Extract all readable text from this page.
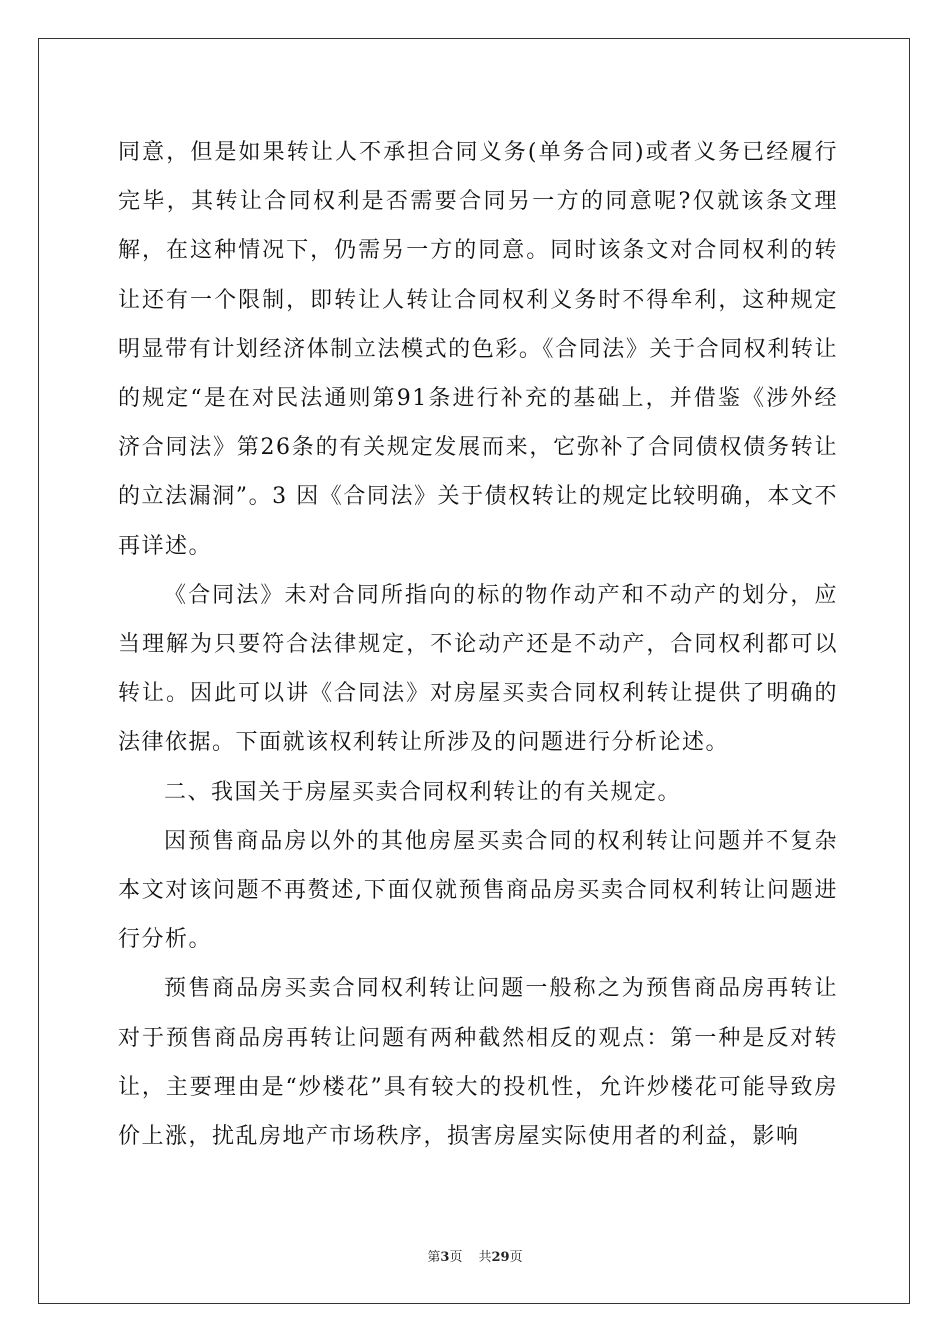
同意，但是如果转让人不承担合同义务(单务合同)或者义务已经履行完毕，其转让合同权利是否需要合同另一方的同意呢?仅就该条文理解，在这种情况下，仍需另一方的同意。同时该条文对合同权利的转让还有一个限制，即转让人转让合同权利义务时不得牟利，这种规定明显带有计划经济体制立法模式的色彩。《合同法》关于合同权利转让的规定“是在对民法通则第91条进行补充的基础上，并借鉴《涉外经济合同法》第26条的有关规定发展而来，它弥补了合同债权债务转让的立法漏洞”。3 因《合同法》关于债权转让的规定比较明确，本文不再详述。

《合同法》未对合同所指向的标的物作动产和不动产的划分，应当理解为只要符合法律规定，不论动产还是不动产，合同权利都可以转让。因此可以讲《合同法》对房屋买卖合同权利转让提供了明确的法律依据。下面就该权利转让所涉及的问题进行分析论述。

二、我国关于房屋买卖合同权利转让的有关规定。

因预售商品房以外的其他房屋买卖合同的权利转让问题并不复杂本文对该问题不再赘述,下面仅就预售商品房买卖合同权利转让问题进行分析。

预售商品房买卖合同权利转让问题一般称之为预售商品房再转让对于预售商品房再转让问题有两种截然相反的观点：第一种是反对转让，主要理由是“炒楼花”具有较大的投机性，允许炒楼花可能导致房价上涨，扰乱房地产市场秩序，损害房屋实际使用者的利益，影响

第3页 共29页
